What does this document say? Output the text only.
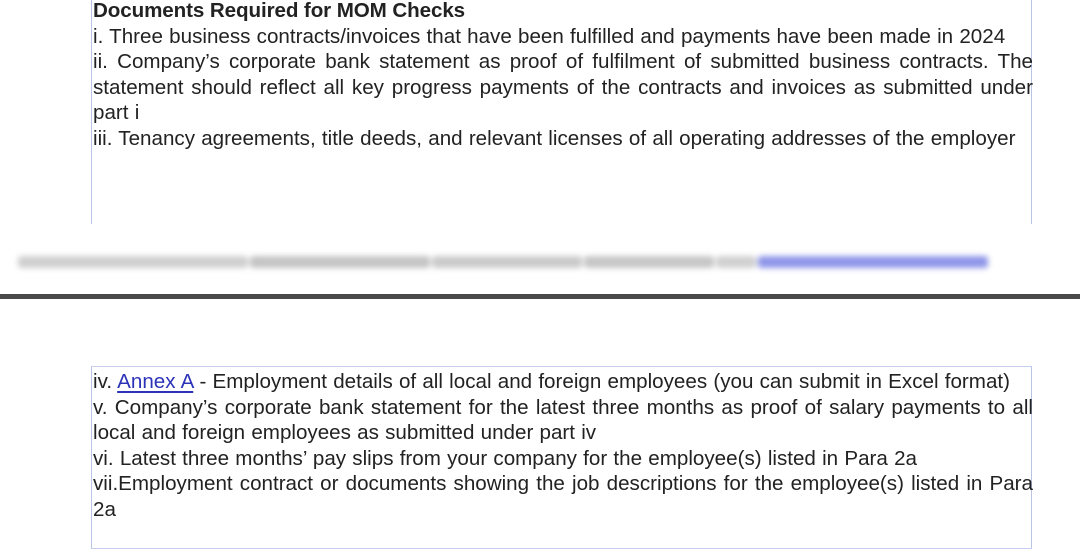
Documents Required for MOM Checks
i. Three business contracts/invoices that have been fulfilled and payments have been made in 2024
ii. Company’s corporate bank statement as proof of fulfilment of submitted business contracts. The statement should reflect all key progress payments of the contracts and invoices as submitted under part i
iii. Tenancy agreements, title deeds, and relevant licenses of all operating addresses of the employer
iv. Annex A - Employment details of all local and foreign employees (you can submit in Excel format)
v. Company’s corporate bank statement for the latest three months as proof of salary payments to all local and foreign employees as submitted under part iv
vi. Latest three months’ pay slips from your company for the employee(s) listed in Para 2a
vii.Employment contract or documents showing the job descriptions for the employee(s) listed in Para 2a
